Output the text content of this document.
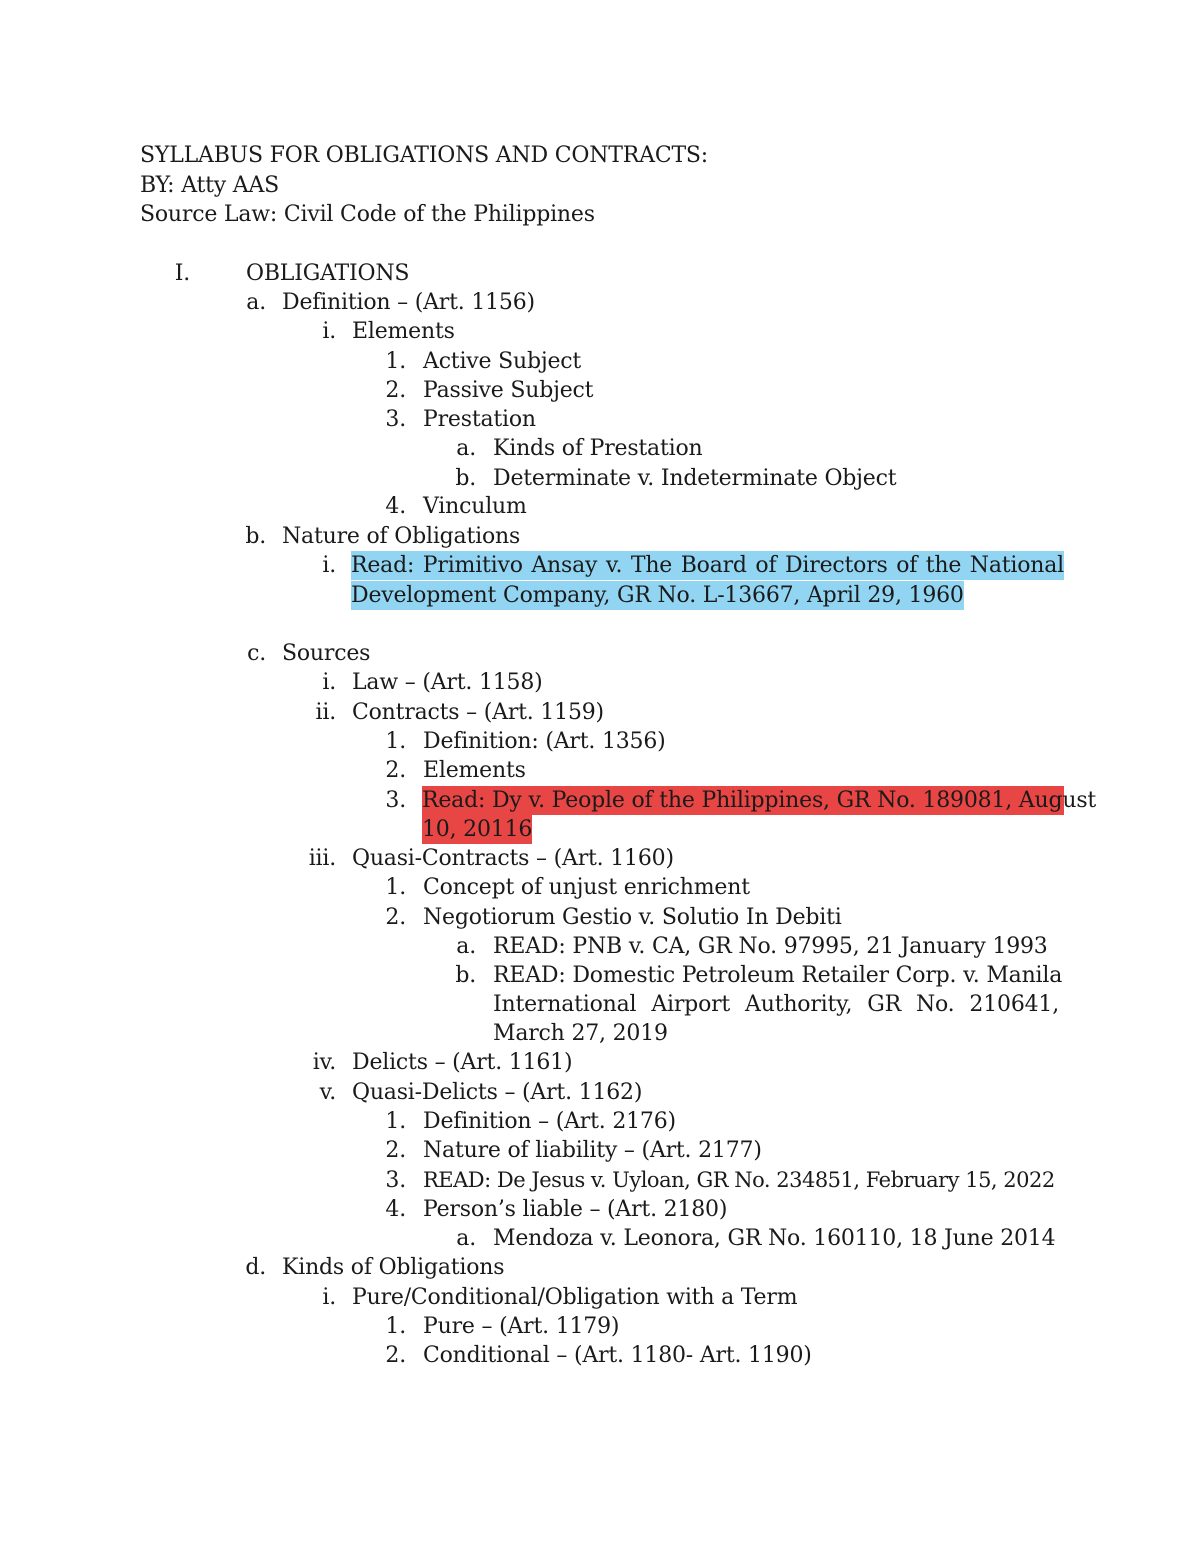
SYLLABUS FOR OBLIGATIONS AND CONTRACTS:
BY: Atty AAS
Source Law: Civil Code of the Philippines
I.	OBLIGATIONS
a. Definition – (Art. 1156)
i. Elements
1. Active Subject
2. Passive Subject
3. Prestation
a. Kinds of Prestation
b. Determinate v. Indeterminate Object
4. Vinculum
b. Nature of Obligations
i. Read: Primitivo Ansay v. The Board of Directors of the National
Development Company, GR No. L-13667, April 29, 1960
c. Sources
i. Law – (Art. 1158)
ii. Contracts – (Art. 1159)
1. Definition: (Art. 1356)
2. Elements
3. Read: Dy v. People of the Philippines, GR No. 189081, August
10, 20116
iii. Quasi-Contracts – (Art. 1160)
1. Concept of unjust enrichment
2. Negotiorum Gestio v. Solutio In Debiti
a. READ: PNB v. CA, GR No. 97995, 21 January 1993
b. READ: Domestic Petroleum Retailer Corp. v. Manila
International Airport Authority, GR No. 210641,
March 27, 2019
iv. Delicts – (Art. 1161)
v. Quasi-Delicts – (Art. 1162)
1. Definition – (Art. 2176)
2. Nature of liability – (Art. 2177)
3. READ: De Jesus v. Uyloan, GR No. 234851, February 15, 2022
4. Person’s liable – (Art. 2180)
a. Mendoza v. Leonora, GR No. 160110, 18 June 2014
d. Kinds of Obligations
i. Pure/Conditional/Obligation with a Term
1. Pure – (Art. 1179)
2. Conditional – (Art. 1180- Art. 1190)
